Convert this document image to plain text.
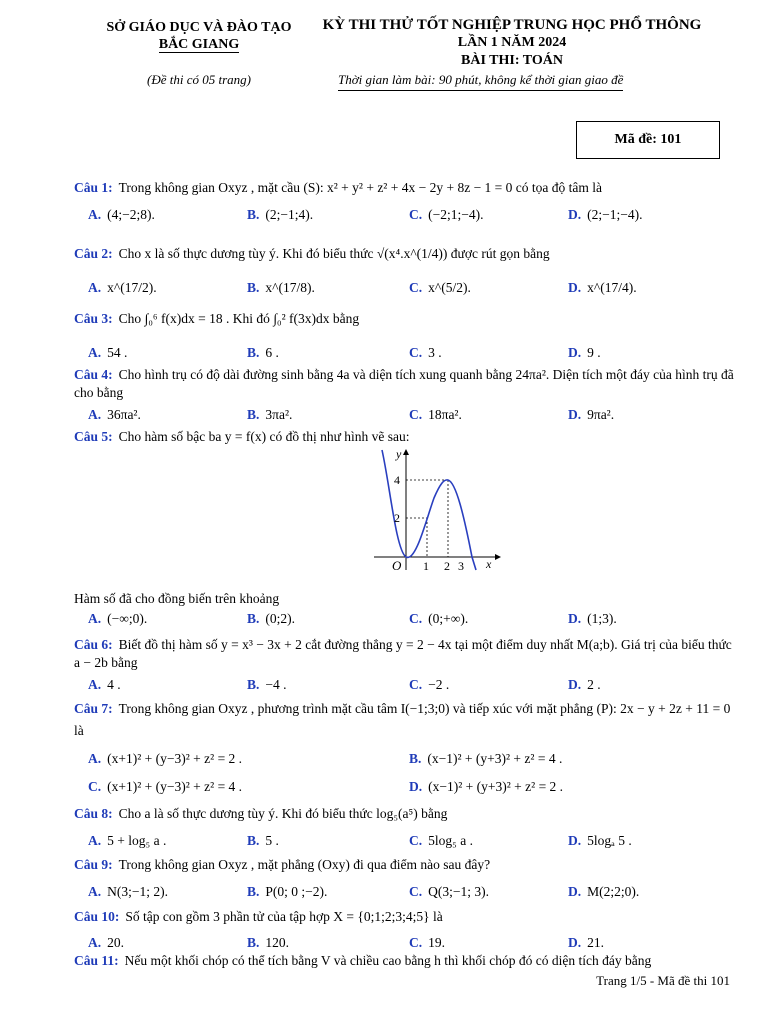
SỞ GIÁO DỤC VÀ ĐÀO TẠO
BẮC GIANG
(Đề thi có 05 trang)
KỲ THI THỬ TỐT NGHIỆP TRUNG HỌC PHỔ THÔNG
LẦN 1 NĂM 2024
BÀI THI: TOÁN
Thời gian làm bài: 90 phút, không kể thời gian giao đề
Mã đề: 101
Câu 1: Trong không gian Oxyz , mặt cầu (S): x² + y² + z² + 4x − 2y + 8z − 1 = 0 có tọa độ tâm là
A. (4;−2;8).	B. (2;−1;4).	C. (−2;1;−4).	D. (2;−1;−4).
Câu 2: Cho x là số thực dương tùy ý. Khi đó biểu thức √(x⁴.x^(1/4)) được rút gọn bằng
A. x^(17/2).	B. x^(17/8).	C. x^(5/2).	D. x^(17/4).
Câu 3: Cho ∫₀⁶ f(x)dx = 18 . Khi đó ∫₀² f(3x)dx bằng
A. 54 .	B. 6 .	C. 3 .	D. 9 .
Câu 4: Cho hình trụ có độ dài đường sinh bằng 4a và diện tích xung quanh bằng 24πa². Diện tích một đáy của hình trụ đã cho bằng
A. 36πa².	B. 3πa².	C. 18πa².	D. 9πa².
Câu 5: Cho hàm số bậc ba y = f(x) có đồ thị như hình vẽ sau:
y
4
2
O 1 2 3 x
Hàm số đã cho đồng biến trên khoảng
A. (−∞;0).	B. (0;2).	C. (0;+∞).	D. (1;3).
Câu 6: Biết đồ thị hàm số y = x³ − 3x + 2 cắt đường thẳng y = 2 − 4x tại một điểm duy nhất M(a;b). Giá trị của biểu thức a − 2b bằng
A. 4 .	B. −4 .	C. −2 .	D. 2 .
Câu 7: Trong không gian Oxyz , phương trình mặt cầu tâm I(−1;3;0) và tiếp xúc với mặt phẳng (P): 2x − y + 2z + 11 = 0 là
A. (x+1)² + (y−3)² + z² = 2 .	B. (x−1)² + (y+3)² + z² = 4 .
C. (x+1)² + (y−3)² + z² = 4 .	D. (x−1)² + (y+3)² + z² = 2 .
Câu 8: Cho a là số thực dương tùy ý. Khi đó biểu thức log₅(a⁵) bằng
A. 5 + log₅ a .	B. 5 .	C. 5log₅ a .	D. 5logₐ 5 .
Câu 9: Trong không gian Oxyz , mặt phẳng (Oxy) đi qua điểm nào sau đây?
A. N(3;−1; 2).	B. P(0; 0 ;−2).	C. Q(3;−1; 3).	D. M(2;2;0).
Câu 10: Số tập con gồm 3 phần tử của tập hợp X = {0;1;2;3;4;5} là
A. 20.	B. 120.	C. 19.	D. 21.
Câu 11: Nếu một khối chóp có thể tích bằng V và chiều cao bằng h thì khối chóp đó có diện tích đáy bằng
Trang 1/5 - Mã đề thi 101
